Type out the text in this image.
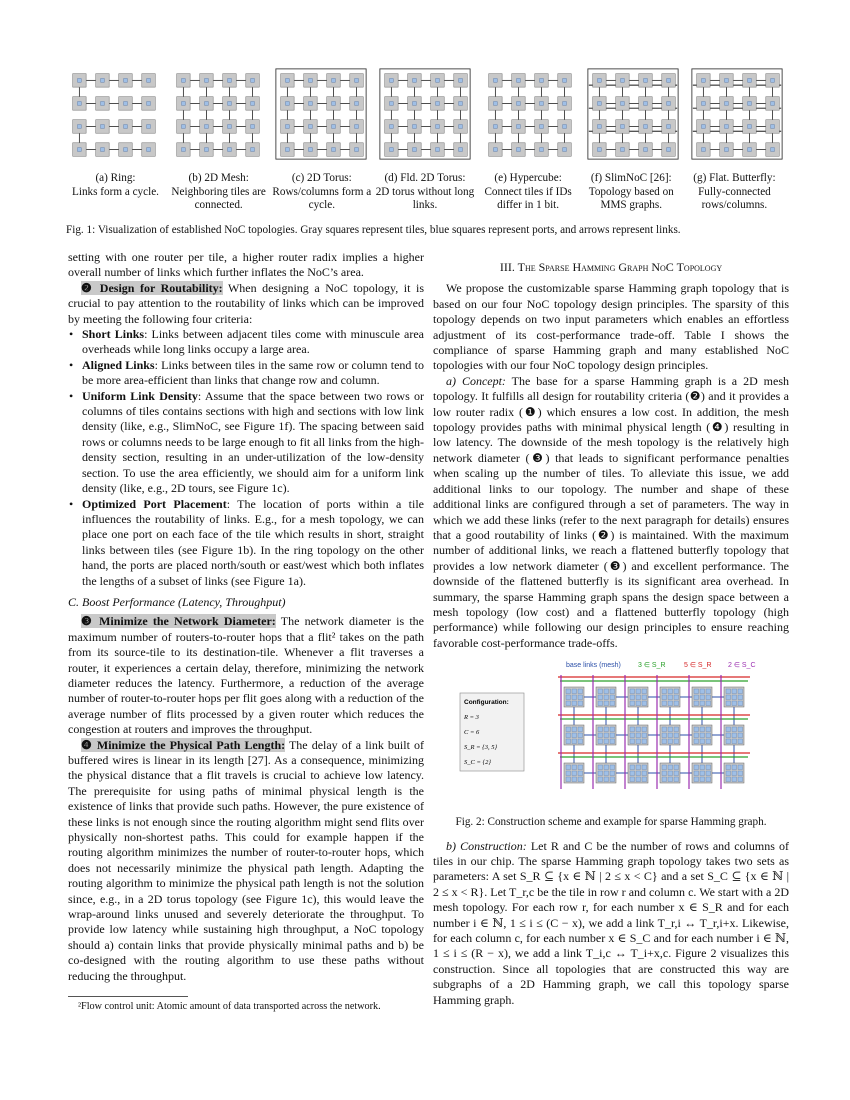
(a) Ring:
Links form a cycle.
(b) 2D Mesh:
Neighboring tiles are connected.
(c) 2D Torus:
Rows/columns form a cycle.
(d) Fld. 2D Torus:
2D torus without long links.
(e) Hypercube:
Connect tiles if IDs differ in 1 bit.
(f) SlimNoC [26]:
Topology based on MMS graphs.
(g) Flat. Butterfly:
Fully-connected rows/columns.
Fig. 1: Visualization of established NoC topologies. Gray squares represent tiles, blue squares represent ports, and arrows represent links.

setting with one router per tile, a higher router radix implies a higher overall number of links which further inflates the NoC’s area.

❷ Design for Routability: When designing a NoC topology, it is crucial to pay attention to the routability of links which can be improved by meeting the following four criteria:

• Short Links: Links between adjacent tiles come with minuscule area overheads while long links occupy a large area.
• Aligned Links: Links between tiles in the same row or column tend to be more area-efficient than links that change row and column.
• Uniform Link Density: Assume that the space between two rows or columns of tiles contains sections with high and sections with low link density (like, e.g., SlimNoC, see Figure 1f). The spacing between said rows or columns needs to be large enough to fit all links from the high-density section, resulting in an under-utilization of the low-density section. To use the area efficiently, we should aim for a uniform link density (like, e.g., 2D tours, see Figure 1c).
• Optimized Port Placement: The location of ports within a tile influences the routability of links. E.g., for a mesh topology, we can place one port on each face of the tile which results in short, straight links between tiles (see Figure 1b). In the ring topology on the other hand, the ports are placed north/south or east/west which both inflates the lengths of a subset of links (see Figure 1a).

C. Boost Performance (Latency, Throughput)

❸ Minimize the Network Diameter: The network diameter is the maximum number of routers-to-router hops that a flit² takes on the path from its source-tile to its destination-tile. Whenever a flit traverses a router, it experiences a certain delay, therefore, minimizing the network diameter reduces the latency. Furthermore, a reduction of the average number of router-to-router hops per flit goes along with a reduction of the average number of flits processed by a given router which reduces the congestion at routers and improves the throughput.

❹ Minimize the Physical Path Length: The delay of a link built of buffered wires is linear in its length [27]. As a consequence, minimizing the physical distance that a flit travels is crucial to achieve low latency. The prerequisite for using paths of minimal physical length is the existence of links that provide such paths. However, the pure existence of these links is not enough since the routing algorithm might send flits over physically non-shortest paths. This could for example happen if the routing algorithm minimizes the number of router-to-router hops, which does not necessarily minimize the physical path length. Adapting the routing algorithm to minimize the physical path length is not the solution since, e.g., in a 2D torus topology (see Figure 1c), this would leave the wrap-around links unused and severely deteriorate the throughput. To provide low latency while sustaining high throughput, a NoC topology should a) contain links that provide physically minimal paths and b) be co-designed with the routing algorithm to use these paths without reducing the throughput.

²Flow control unit: Atomic amount of data transported across the network.

III. The Sparse Hamming Graph NoC Topology

We propose the customizable sparse Hamming graph topology that is based on our four NoC topology design principles. The sparsity of this topology depends on two input parameters which enables an effortless adjustment of its cost-performance trade-off. Table I shows the compliance of sparse Hamming graph and many established NoC topologies with our four NoC topology design principles.

a) Concept: The base for a sparse Hamming graph is a 2D mesh topology. It fulfills all design for routability criteria (❷) and it provides a low router radix (❶) which ensures a low cost. In addition, the mesh topology provides paths with minimal physical length (❹) resulting in low latency. The downside of the mesh topology is the relatively high network diameter (❸) that leads to significant performance penalties when scaling up the number of tiles. To alleviate this issue, we add additional links to our topology. The number and shape of these additional links are configured through a set of parameters. The way in which we add these links (refer to the next paragraph for details) ensures that a good routability of links (❷) is maintained. With the maximum number of additional links, we reach a flattened butterfly topology that provides a low network diameter (❸) and excellent performance. The downside of the flattened butterfly is its significant area overhead. In summary, the sparse Hamming graph spans the design space between a mesh topology (low cost) and a flattened butterfly topology (high performance) while following our design principles to ensure reaching favorable cost-performance trade-offs.

base links (mesh) 3 ∈ S_R	5 ∈ S_R 2 ∈ S_C
Configuration:
R = 3
C = 6
S_R = {3, 5}
S_C = {2}

Fig. 2: Construction scheme and example for sparse Hamming graph.

b) Construction: Let R and C be the number of rows and columns of tiles in our chip. The sparse Hamming graph topology takes two sets as parameters: A set S_R ⊆ {x ∈ ℕ | 2 ≤ x < C} and a set S_C ⊆ {x ∈ ℕ | 2 ≤ x < R}. Let T_r,c be the tile in row r and column c. We start with a 2D mesh topology. For each row r, for each number x ∈ S_R and for each number i ∈ ℕ, 1 ≤ i ≤ (C − x), we add a link T_r,i ↔ T_r,i+x. Likewise, for each column c, for each number x ∈ S_C and for each number i ∈ ℕ, 1 ≤ i ≤ (R − x), we add a link T_i,c ↔ T_i+x,c. Figure 2 visualizes this construction. Since all topologies that are constructed this way are subgraphs of a 2D Hamming graph, we call this topology sparse Hamming graph.
